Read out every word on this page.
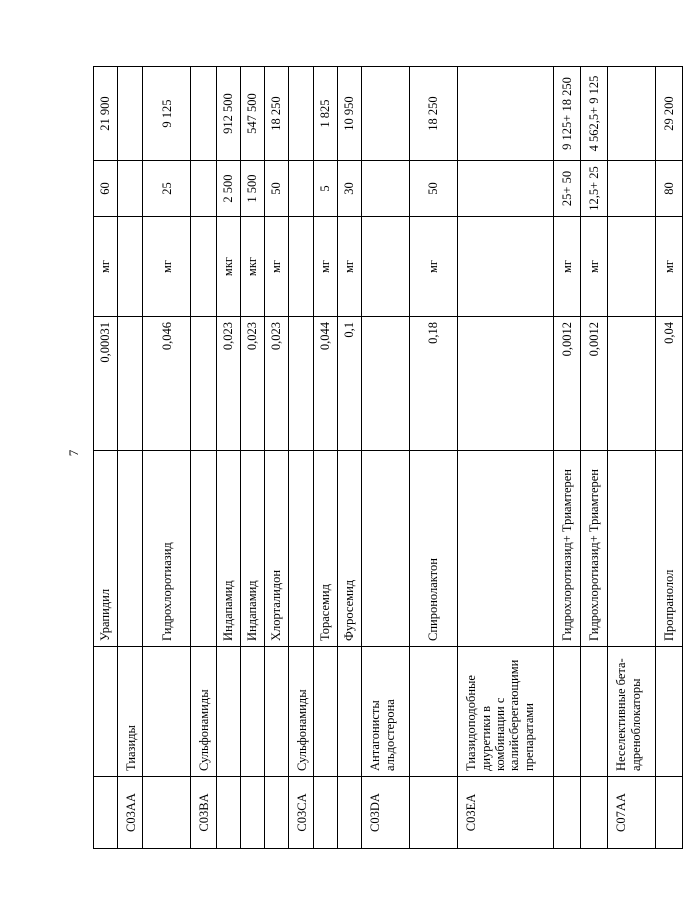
7
		Урапидил	0,00031	мг	60	21 900
C03AA	Тиазиды					
		Гидрохлоротиазид	0,046	мг	25	9 125
C03BA	Сульфонамиды					
		Индапамид	0,023	мкг	2 500	912 500
		Индапамид	0,023	мкг	1 500	547 500
		Хлорталидон	0,023	мг	50	18 250
C03CA	Сульфонамиды					
		Торасемид	0,044	мг	5	1 825
		Фуросемид	0,1	мг	30	10 950
C03DA	Антагонисты альдостерона					
		Спиронолактон	0,18	мг	50	18 250
C03EA	Тиазидоподобные диуретики в комбинации с калийсберегающими препаратами					
		Гидрохлоротиазид+ Триамтерен	0,0012	мг	25+ 50	9 125+ 18 250
		Гидрохлоротиазид+ Триамтерен	0,0012	мг	12,5+ 25	4 562,5+ 9 125
C07AA	Неселективные бета-адреноблокаторы					
		Пропранолол	0,04	мг	80	29 200
